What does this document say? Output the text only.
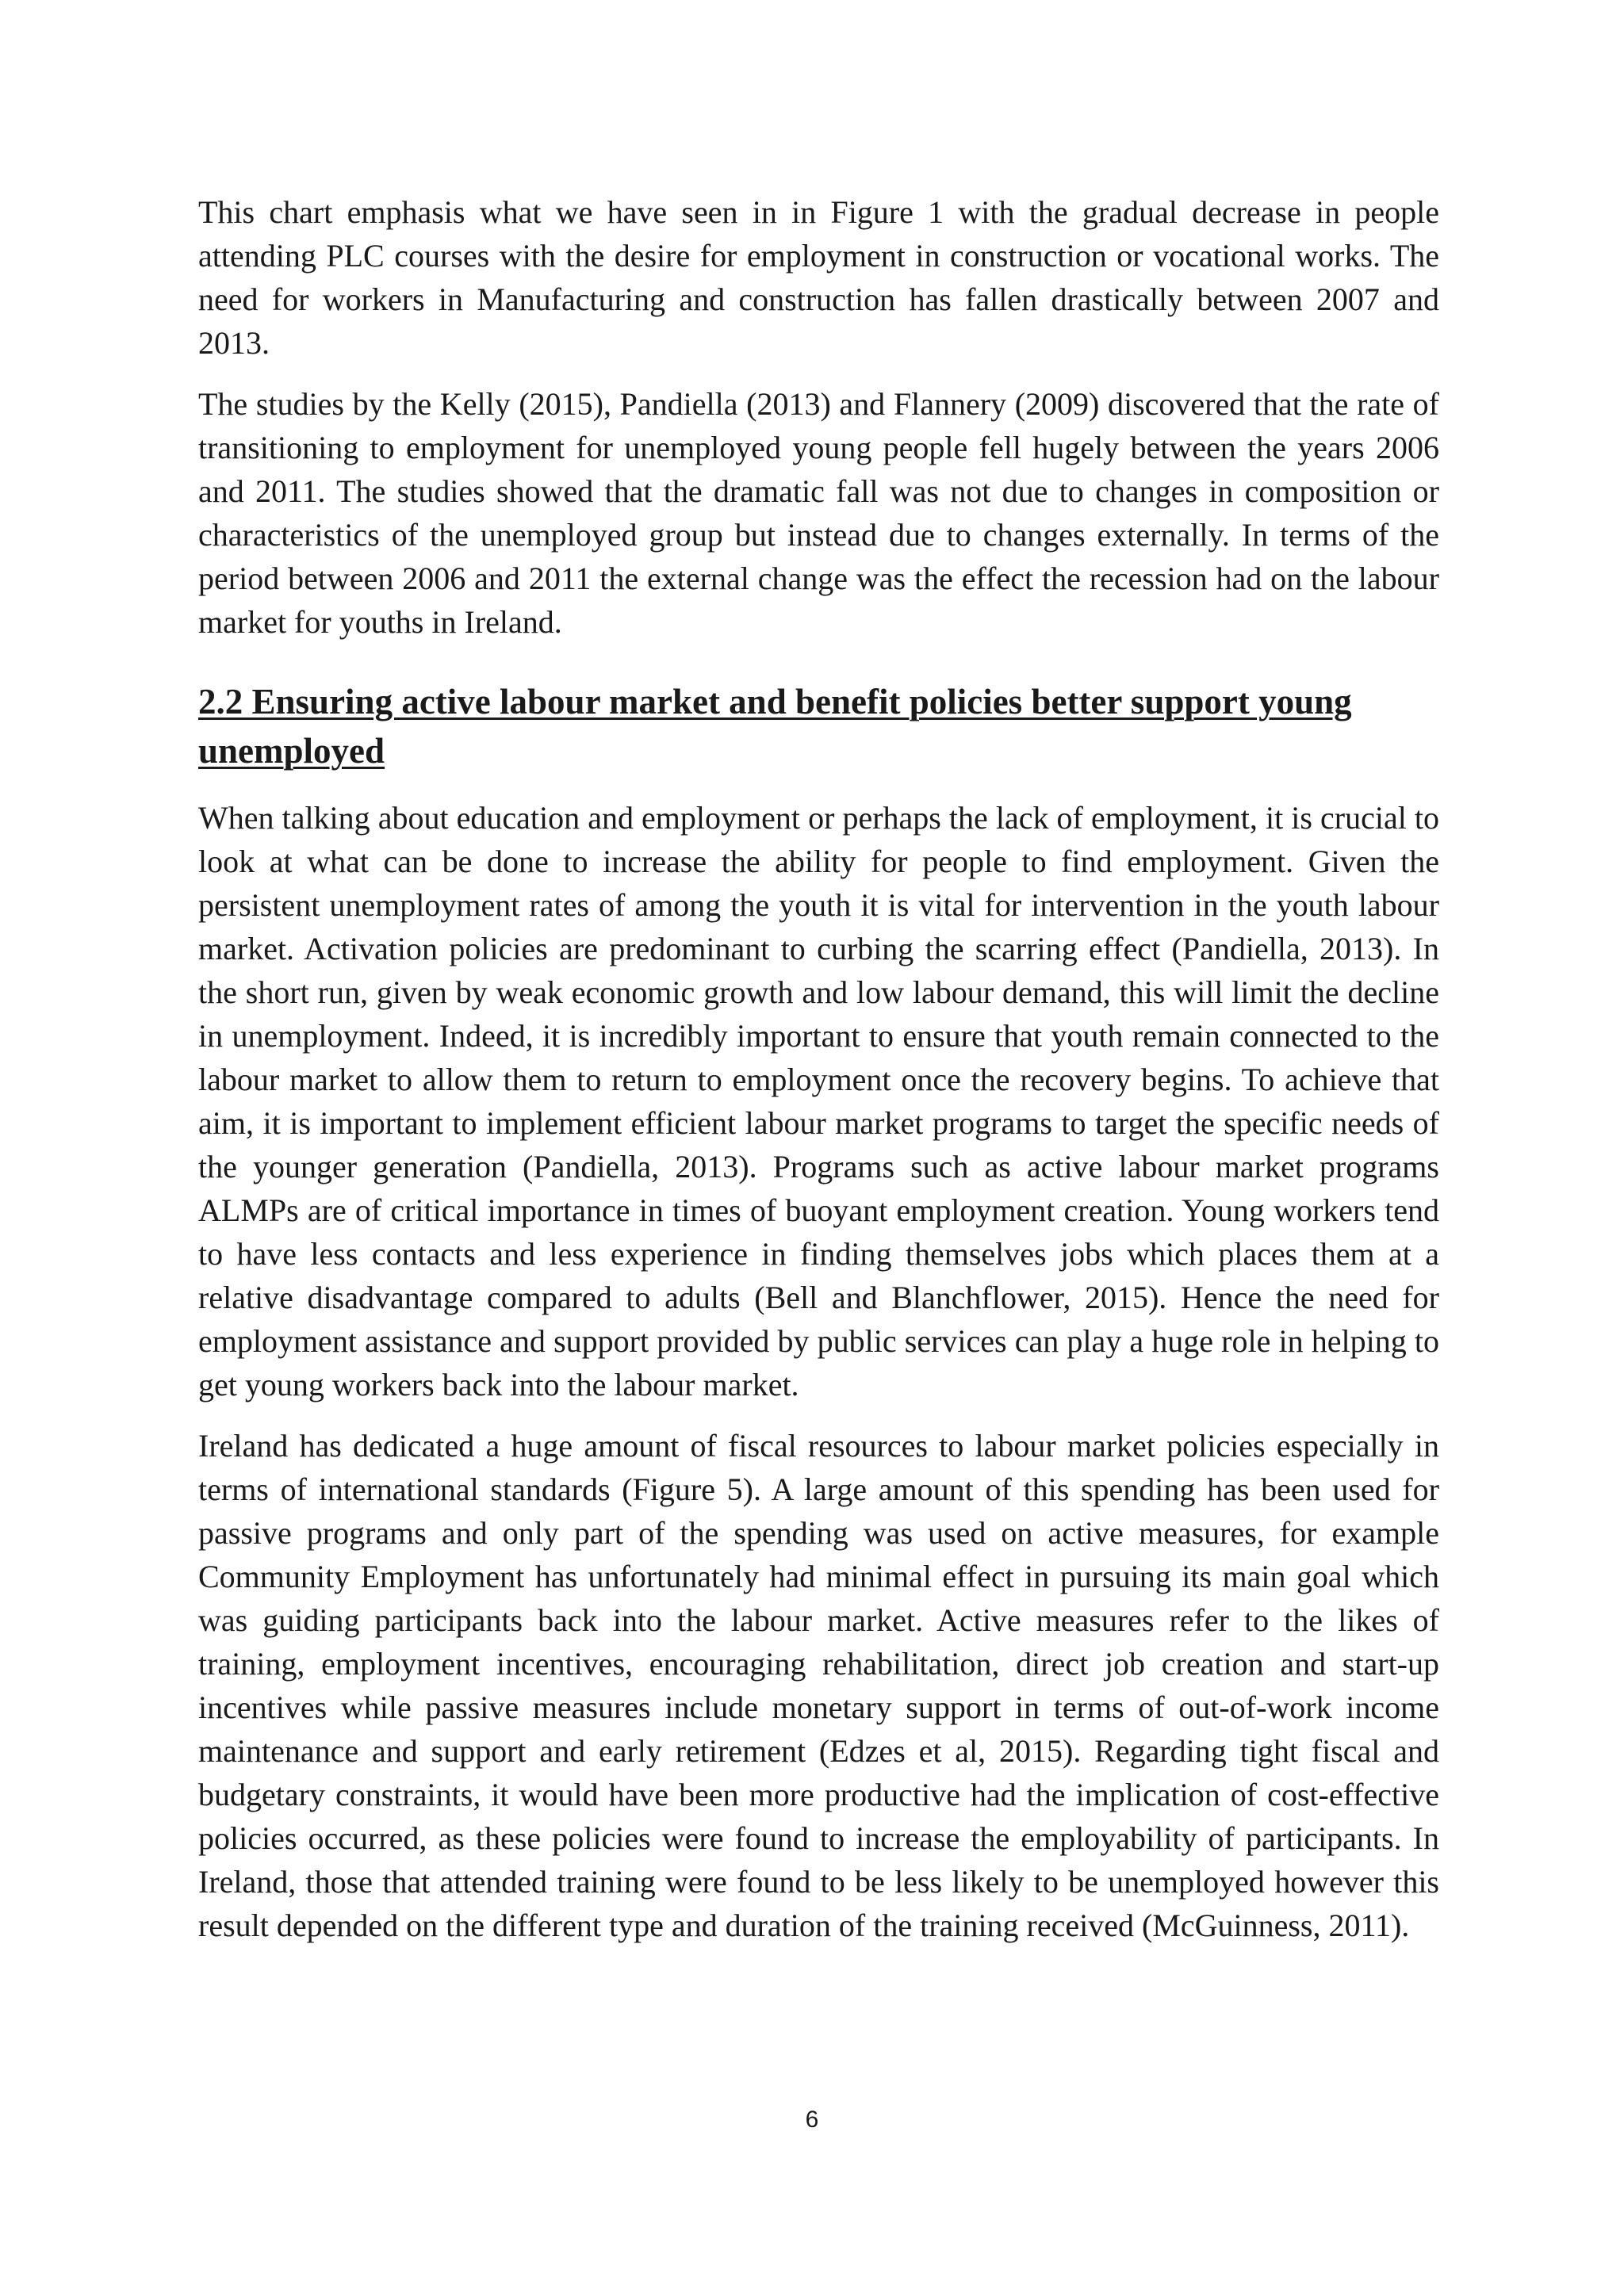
This chart emphasis what we have seen in in Figure 1 with the gradual decrease in people attending PLC courses with the desire for employment in construction or vocational works. The need for workers in Manufacturing and construction has fallen drastically between 2007 and 2013.

The studies by the Kelly (2015), Pandiella (2013) and Flannery (2009) discovered that the rate of transitioning to employment for unemployed young people fell hugely between the years 2006 and 2011. The studies showed that the dramatic fall was not due to changes in composition or characteristics of the unemployed group but instead due to changes externally. In terms of the period between 2006 and 2011 the external change was the effect the recession had on the labour market for youths in Ireland.

2.2 Ensuring active labour market and benefit policies better support young unemployed

When talking about education and employment or perhaps the lack of employment, it is crucial to look at what can be done to increase the ability for people to find employment. Given the persistent unemployment rates of among the youth it is vital for intervention in the youth labour market. Activation policies are predominant to curbing the scarring effect (Pandiella, 2013). In the short run, given by weak economic growth and low labour demand, this will limit the decline in unemployment. Indeed, it is incredibly important to ensure that youth remain connected to the labour market to allow them to return to employment once the recovery begins. To achieve that aim, it is important to implement efficient labour market programs to target the specific needs of the younger generation (Pandiella, 2013). Programs such as active labour market programs ALMPs are of critical importance in times of buoyant employment creation. Young workers tend to have less contacts and less experience in finding themselves jobs which places them at a relative disadvantage compared to adults (Bell and Blanchflower, 2015). Hence the need for employment assistance and support provided by public services can play a huge role in helping to get young workers back into the labour market.

Ireland has dedicated a huge amount of fiscal resources to labour market policies especially in terms of international standards (Figure 5). A large amount of this spending has been used for passive programs and only part of the spending was used on active measures, for example Community Employment has unfortunately had minimal effect in pursuing its main goal which was guiding participants back into the labour market. Active measures refer to the likes of training, employment incentives, encouraging rehabilitation, direct job creation and start-up incentives while passive measures include monetary support in terms of out-of-work income maintenance and support and early retirement (Edzes et al, 2015). Regarding tight fiscal and budgetary constraints, it would have been more productive had the implication of cost-effective policies occurred, as these policies were found to increase the employability of participants. In Ireland, those that attended training were found to be less likely to be unemployed however this result depended on the different type and duration of the training received (McGuinness, 2011).

6
